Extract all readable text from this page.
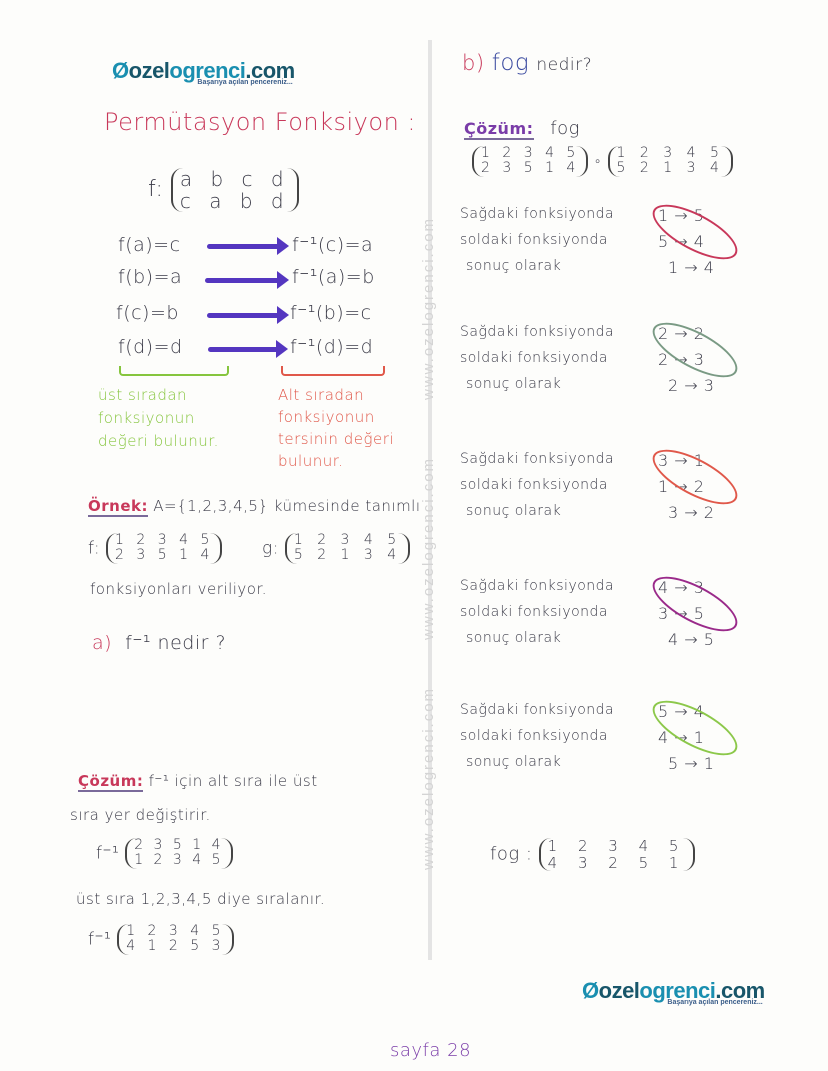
www.ozelogrenci.com
www.ozelogrenci.com
www.ozelogrenci.com
Øozelogrenci.com
Başarıya açılan pencereniz...
Permütasyon Fonksiyon :
f: a b c d
c a b d
f(a)=c	f⁻¹(c)=a
f(b)=a	f⁻¹(a)=b
f(c)=b	f⁻¹(b)=c
f(d)=d	f⁻¹(d)=d
üst sıradan
fonksiyonun
değeri bulunur.
Alt sıradan
fonksiyonun
tersinin değeri
bulunur.
Örnek: A={1,2,3,4,5} kümesinde tanımlı
f: 1 2 3 4 5
2 3 5 1 4	g: 1 2 3 4 5
5 2 1 3 4
fonksiyonları veriliyor.
a) f⁻¹ nedir ?
Çözüm: f⁻¹ için alt sıra ile üst
sıra yer değiştirir.
f⁻¹ 2 3 5 1 4
1 2 3 4 5
üst sıra 1,2,3,4,5 diye sıralanır.
f⁻¹ 1 2 3 4 5
4 1 2 5 3
b) fog nedir?
Çözüm: fog
1 2 3 4 5
2 3 5 1 4 ∘
1 2 3 4 5
5 2 1 3 4
Sağdaki fonksiyonda	1 → 5
soldaki fonksiyonda	5 → 4
sonuç olarak	1 → 4
Sağdaki fonksiyonda	2 → 2
soldaki fonksiyonda	2 → 3
sonuç olarak	2 → 3
Sağdaki fonksiyonda	3 → 1
soldaki fonksiyonda	1 → 2
sonuç olarak	3 → 2
Sağdaki fonksiyonda	4 → 3
soldaki fonksiyonda	3 → 5
sonuç olarak	4 → 5
Sağdaki fonksiyonda	5 → 4
soldaki fonksiyonda	4 → 1
sonuç olarak	5 → 1
fog : 1 2 3 4 5
4 3 2 5 1
Øozelogrenci.com
Başarıya açılan pencereniz...
sayfa 28
